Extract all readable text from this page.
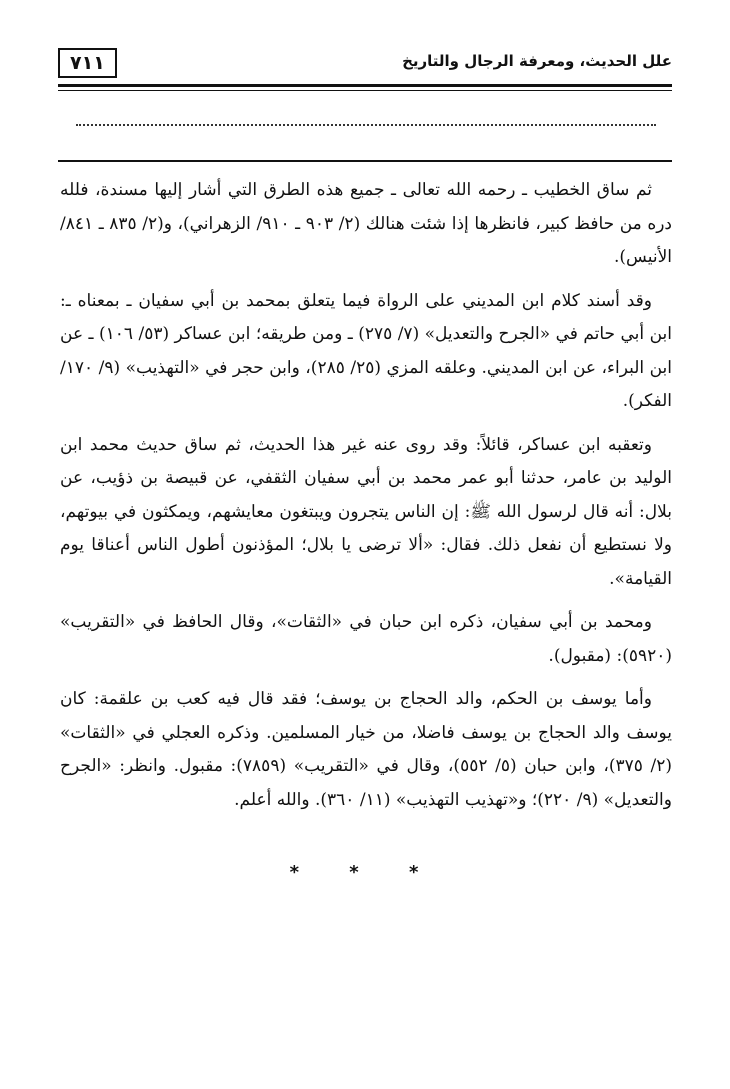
٧١١	علل الحديث، ومعرفة الرجال والتاريخ

ثم ساق الخطيب ـ رحمه الله تعالى ـ جميع هذه الطرق التي أشار إليها مسندة، فلله دره من حافظ كبير، فانظرها إذا شئت هنالك (٢/ ٩٠٣ ـ ٩١٠/ الزهراني)، و(٢/ ٨٣٥ ـ ٨٤١/ الأنيس).

وقد أسند كلام ابن المديني على الرواة فيما يتعلق بمحمد بن أبي سفيان ـ بمعناه ـ: ابن أبي حاتم في «الجرح والتعديل» (٧/ ٢٧٥) ـ ومن طريقه؛ ابن عساكر (٥٣/ ١٠٦) ـ عن ابن البراء، عن ابن المديني. وعلقه المزي (٢٥/ ٢٨٥)، وابن حجر في «التهذيب» (٩/ ١٧٠/ الفكر).

وتعقبه ابن عساكر، قائلاً: وقد روى عنه غير هذا الحديث، ثم ساق حديث محمد ابن الوليد بن عامر، حدثنا أبو عمر محمد بن أبي سفيان الثقفي، عن قبيصة بن ذؤيب، عن بلال: أنه قال لرسول الله ﷺ: إن الناس يتجرون ويبتغون معايشهم، ويمكثون في بيوتهم، ولا نستطيع أن نفعل ذلك. فقال: «ألا ترضى يا بلال؛ المؤذنون أطول الناس أعناقا يوم القيامة».

ومحمد بن أبي سفيان، ذكره ابن حبان في «الثقات»، وقال الحافظ في «التقريب» (٥٩٢٠): (مقبول).

وأما يوسف بن الحكم، والد الحجاج بن يوسف؛ فقد قال فيه كعب بن علقمة: كان يوسف والد الحجاج بن يوسف فاضلا، من خيار المسلمين. وذكره العجلي في «الثقات» (٢/ ٣٧٥)، وابن حبان (٥/ ٥٥٢)، وقال في «التقريب» (٧٨٥٩): مقبول. وانظر: «الجرح والتعديل» (٩/ ٢٢٠)؛ و«تهذيب التهذيب» (١١/ ٣٦٠). والله أعلم.

* * *
